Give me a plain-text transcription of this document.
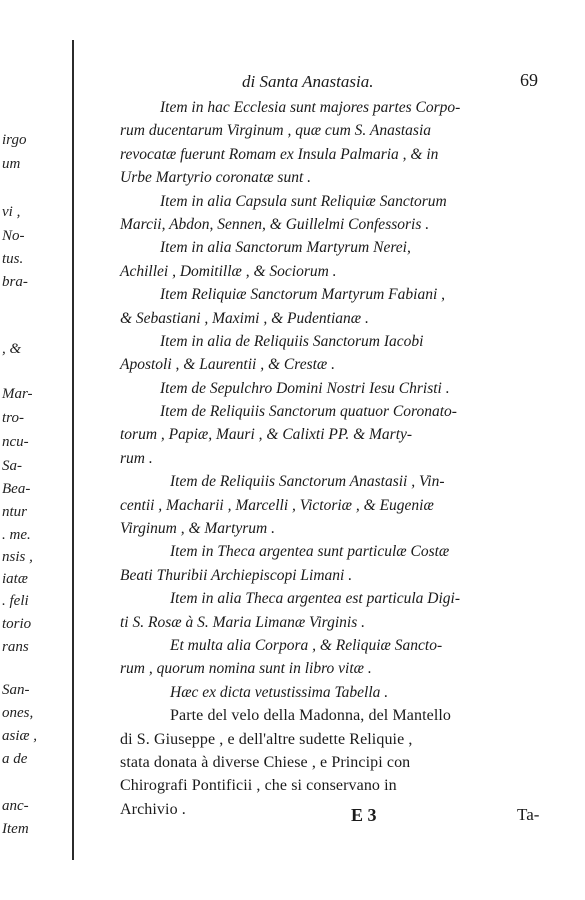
irgo
um
vi ,
No-
tus.
bra-
, &
Mar-
tro-
ncu-
Sa-
Bea-
ntur
. me.
nsis ,
iatæ
. feli
torio
rans
San-
ones,
asiæ ,
a de
anc-
Item
di Santa Anastasia.	69
Item in hac Ecclesia sunt majores partes Corpo-
rum ducentarum Virginum , quæ cum S. Anastasia
revocatæ fuerunt Romam ex Insula Palmaria , & in
Urbe Martyrio coronatæ sunt .
Item in alia Capsula sunt Reliquiæ Sanctorum
Marcii, Abdon, Sennen, & Guillelmi Confessoris .
Item in alia Sanctorum Martyrum Nerei,
Achillei , Domitillæ , & Sociorum .
Item Reliquiæ Sanctorum Martyrum Fabiani ,
& Sebastiani , Maximi , & Pudentianæ .
Item in alia de Reliquiis Sanctorum Iacobi
Apostoli , & Laurentii , & Crestæ .
Item de Sepulchro Domini Nostri Iesu Christi .
Item de Reliquiis Sanctorum quatuor Coronato-
torum , Papiæ, Mauri , & Calixti PP. & Marty-
rum .
Item de Reliquiis Sanctorum Anastasii , Vin-
centii , Macharii , Marcelli , Victoriæ , & Eugeniæ
Virginum , & Martyrum .
Item in Theca argentea sunt particulæ Costæ
Beati Thuribii Archiepiscopi Limani .
Item in alia Theca argentea est particula Digi-
ti S. Rosæ à S. Maria Limanæ Virginis .
Et multa alia Corpora , & Reliquiæ Sancto-
rum , quorum nomina sunt in libro vitæ .
Hæc ex dicta vetustissima Tabella .
Parte del velo della Madonna, del Mantello
di S. Giuseppe , e dell'altre sudette Reliquie ,
stata donata à diverse Chiese , e Principi con
Chirografi Pontificii , che si conservano in
Archivio .	E 3	Ta-
